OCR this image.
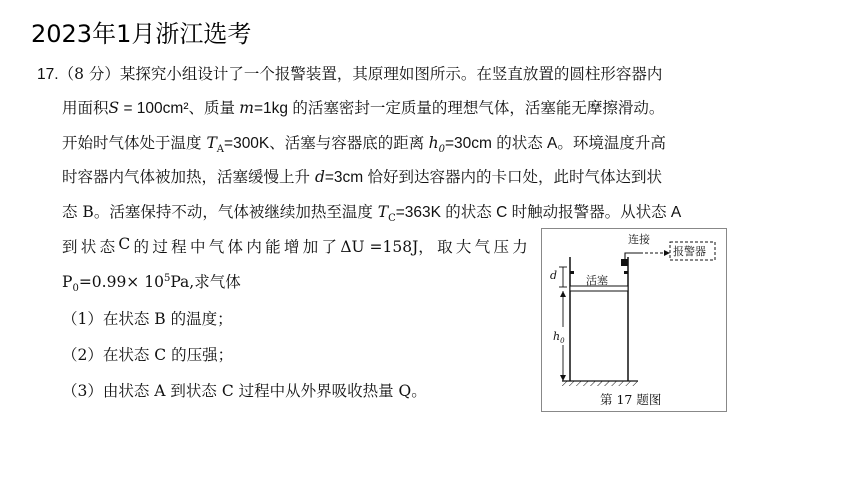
2023年1月浙江选考
17.（8 分）某探究小组设计了一个报警装置，其原理如图所示。在竖直放置的圆柱形容器内
用面积S = 100cm²、质量 m=1kg 的活塞密封一定质量的理想气体，活塞能无摩擦滑动。
开始时气体处于温度 $T_A=300K$、活塞与容器底的距离 $h_0=30cm$ 的状态 A。环境温度升高
时容器内气体被加热，活塞缓慢上升 d=3cm 恰好到达容器内的卡口处，此时气体达到状
态 B。活塞保持不动，气体被继续加热至温度 $T_C=363K$ 的状态 C 时触动报警器。从状态 A
到 状 态 C 的 过 程 中 气 体 内 能 增 加 了 ΔU =158J， 取 大 气 压 力
$P_0=0.99\times 10^5Pa$,求气体
（1）在状态 B 的温度；
（2）在状态 C 的压强；
（3）由状态 A 到状态 C 过程中从外界吸收热量 Q。
活塞
连接
报警器
d
$h_0$
第 17 题图
